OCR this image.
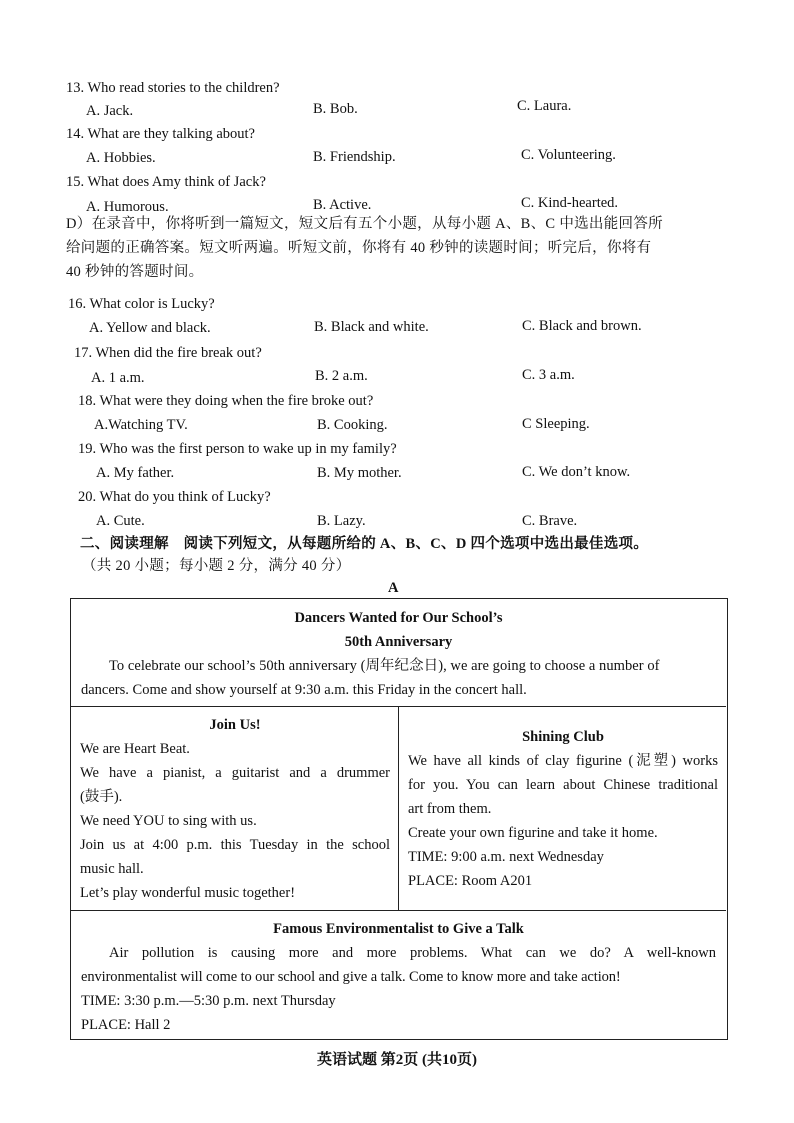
13. Who read stories to the children?
A. Jack.	B. Bob.	C. Laura.
14. What are they talking about?
A. Hobbies.	B. Friendship.	C. Volunteering.
15. What does Amy think of Jack?
A. Humorous.	B. Active.	C. Kind-hearted.
D）在录音中，你将听到一篇短文，短文后有五个小题，从每小题 A、B、C 中选出能回答所
给问题的正确答案。短文听两遍。听短文前，你将有 40 秒钟的读题时间；听完后，你将有
40 秒钟的答题时间。
16. What color is Lucky?
A. Yellow and black.	B. Black and white.	C. Black and brown.
17. When did the fire break out?
A. 1 a.m.	B. 2 a.m.	C. 3 a.m.
18. What were they doing when the fire broke out?
A.Watching TV.	B. Cooking.	C Sleeping.
19. Who was the first person to wake up in my family?
A. My father.	B. My mother.	C. We don’t know.
20. What do you think of Lucky?
A. Cute.	B. Lazy.	C. Brave.
二、阅读理解　阅读下列短文，从每题所给的 A、B、C、D 四个选项中选出最佳选项。
（共 20 小题；每小题 2 分，满分 40 分）
A
Dancers Wanted for Our School’s
50th Anniversary
To celebrate our school’s 50th anniversary (周年纪念日), we are going to choose a number of
dancers. Come and show yourself at 9:30 a.m. this Friday in the concert hall.
Join Us!
We are Heart Beat.
We have a pianist, a guitarist and a drummer
(鼓手).
We need YOU to sing with us.
Join us at 4:00 p.m. this Tuesday in the school
music hall.
Let’s play wonderful music together!
Shining Club
We have all kinds of clay figurine (泥塑) works
for you. You can learn about Chinese traditional
art from them.
Create your own figurine and take it home.
TIME: 9:00 a.m. next Wednesday
PLACE: Room A201
Famous Environmentalist to Give a Talk
Air pollution is causing more and more problems. What can we do? A well-known
environmentalist will come to our school and give a talk. Come to know more and take action!
TIME: 3:30 p.m.—5:30 p.m. next Thursday
PLACE: Hall 2
英语试题 第2页 (共10页)
